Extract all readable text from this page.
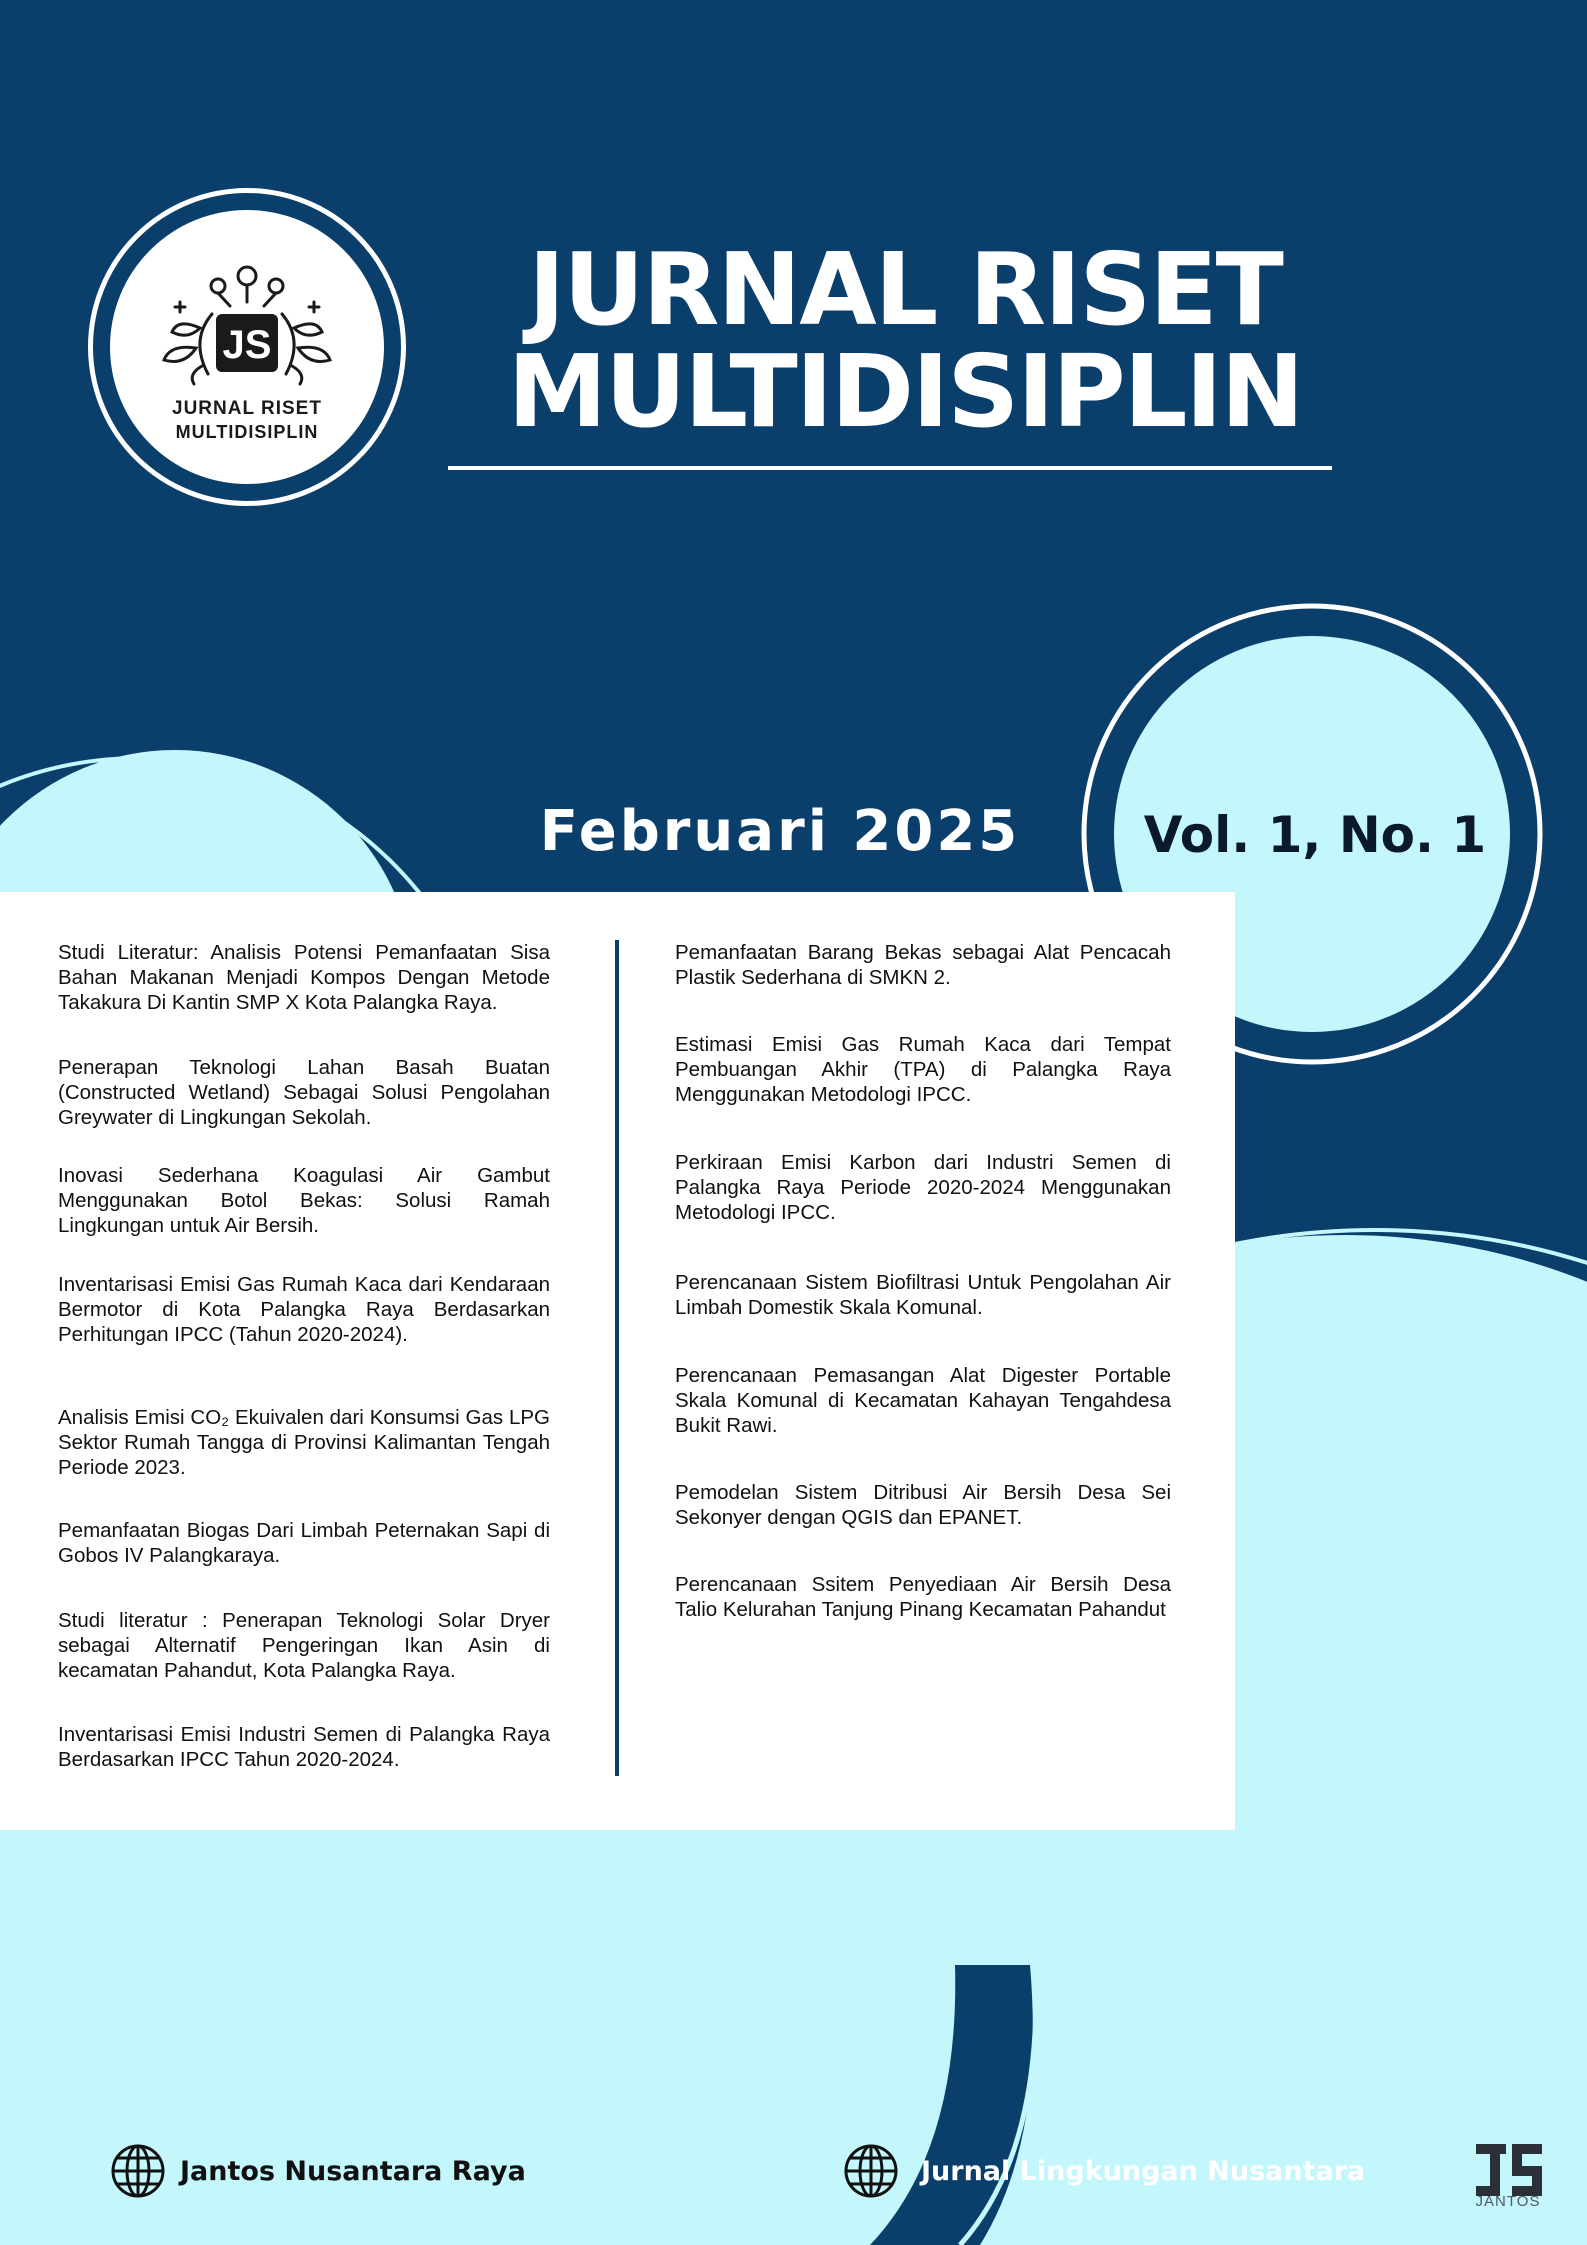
JS
JURNAL RISET
MULTIDISIPLIN
JURNAL RISET
MULTIDISIPLIN
Februari 2025	Vol. 1, No. 1

Studi Literatur: Analisis Potensi Pemanfaatan Sisa Bahan Makanan Menjadi Kompos Dengan Metode Takakura Di Kantin SMP X Kota Palangka Raya.

Penerapan Teknologi Lahan Basah Buatan (Constructed Wetland) Sebagai Solusi Pengolahan Greywater di Lingkungan Sekolah.

Inovasi Sederhana Koagulasi Air Gambut Menggunakan Botol Bekas: Solusi Ramah Lingkungan untuk Air Bersih.

Inventarisasi Emisi Gas Rumah Kaca dari Kendaraan Bermotor di Kota Palangka Raya Berdasarkan Perhitungan IPCC (Tahun 2020-2024).

Analisis Emisi CO₂ Ekuivalen dari Konsumsi Gas LPG Sektor Rumah Tangga di Provinsi Kalimantan Tengah Periode 2023.

Pemanfaatan Biogas Dari Limbah Peternakan Sapi di Gobos IV Palangkaraya.

Studi literatur : Penerapan Teknologi Solar Dryer sebagai Alternatif Pengeringan Ikan Asin di kecamatan Pahandut, Kota Palangka Raya.

Inventarisasi Emisi Industri Semen di Palangka Raya Berdasarkan IPCC Tahun 2020-2024.

Pemanfaatan Barang Bekas sebagai Alat Pencacah Plastik Sederhana di SMKN 2.

Estimasi Emisi Gas Rumah Kaca dari Tempat Pembuangan Akhir (TPA) di Palangka Raya Menggunakan Metodologi IPCC.

Perkiraan Emisi Karbon dari Industri Semen di Palangka Raya Periode 2020-2024 Menggunakan Metodologi IPCC.

Perencanaan Sistem Biofiltrasi Untuk Pengolahan Air Limbah Domestik Skala Komunal.

Perencanaan Pemasangan Alat Digester Portable Skala Komunal di Kecamatan Kahayan Tengahdesa Bukit Rawi.

Pemodelan Sistem Ditribusi Air Bersih Desa Sei Sekonyer dengan QGIS dan EPANET.

Perencanaan Ssitem Penyediaan Air Bersih Desa Talio Kelurahan Tanjung Pinang Kecamatan Pahandut

Jantos Nusantara Raya	Jurnal Lingkungan Nusantara
JANTOS
